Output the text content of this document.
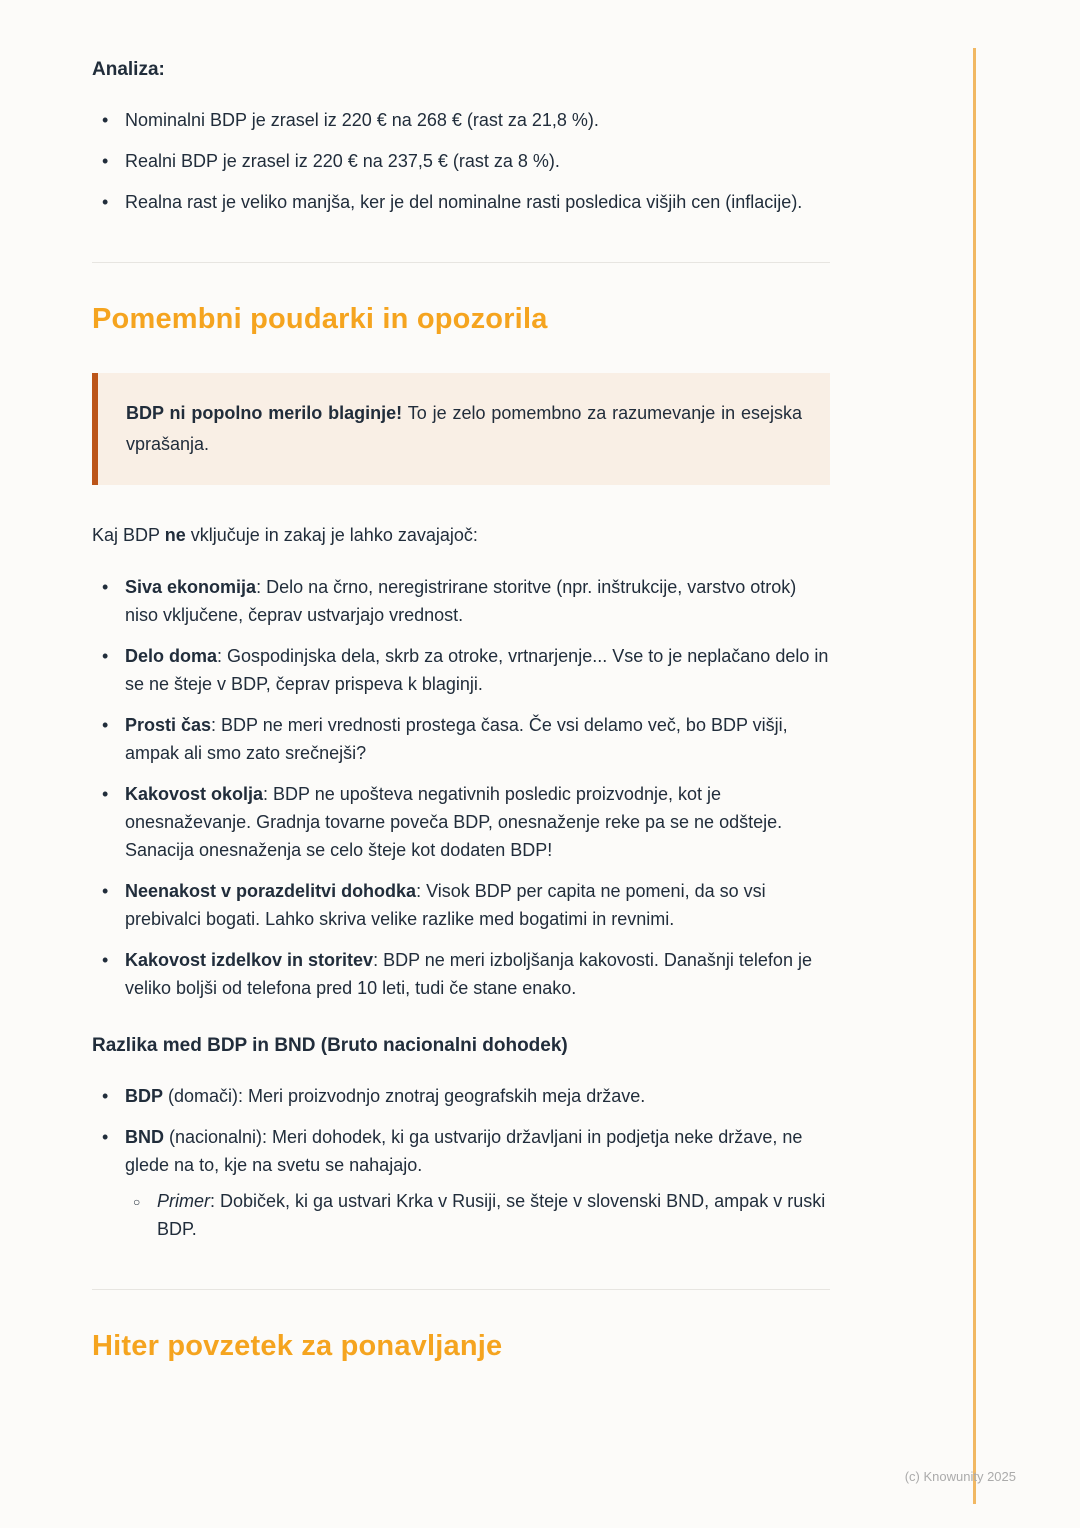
Analiza:
• Nominalni BDP je zrasel iz 220 € na 268 € (rast za 21,8 %).
• Realni BDP je zrasel iz 220 € na 237,5 € (rast za 8 %).
• Realna rast je veliko manjša, ker je del nominalne rasti posledica višjih cen (inflacije).
Pomembni poudarki in opozorila

BDP ni popolno merilo blaginje! To je zelo pomembno za razumevanje in esejska vprašanja.

Kaj BDP ne vključuje in zakaj je lahko zavajajoč:

• Siva ekonomija: Delo na črno, neregistrirane storitve (npr. inštrukcije, varstvo otrok) niso vključene, čeprav ustvarjajo vrednost.
• Delo doma: Gospodinjska dela, skrb za otroke, vrtnarjenje... Vse to je neplačano delo in se ne šteje v BDP, čeprav prispeva k blaginji.
• Prosti čas: BDP ne meri vrednosti prostega časa. Če vsi delamo več, bo BDP višji, ampak ali smo zato srečnejši?
• Kakovost okolja: BDP ne upošteva negativnih posledic proizvodnje, kot je onesnaževanje. Gradnja tovarne poveča BDP, onesnaženje reke pa se ne odšteje. Sanacija onesnaženja se celo šteje kot dodaten BDP!
• Neenakost v porazdelitvi dohodka: Visok BDP per capita ne pomeni, da so vsi prebivalci bogati. Lahko skriva velike razlike med bogatimi in revnimi.
• Kakovost izdelkov in storitev: BDP ne meri izboljšanja kakovosti. Današnji telefon je veliko boljši od telefona pred 10 leti, tudi če stane enako.
Razlika med BDP in BND (Bruto nacionalni dohodek)
• BDP (domači): Meri proizvodnjo znotraj geografskih meja države.
• BND (nacionalni): Meri dohodek, ki ga ustvarijo državljani in podjetja neke države, ne glede na to, kje na svetu se nahajajo.
○ Primer: Dobiček, ki ga ustvari Krka v Rusiji, se šteje v slovenski BND, ampak v ruski BDP.
Hiter povzetek za ponavljanje
(c) Knowunity 2025
